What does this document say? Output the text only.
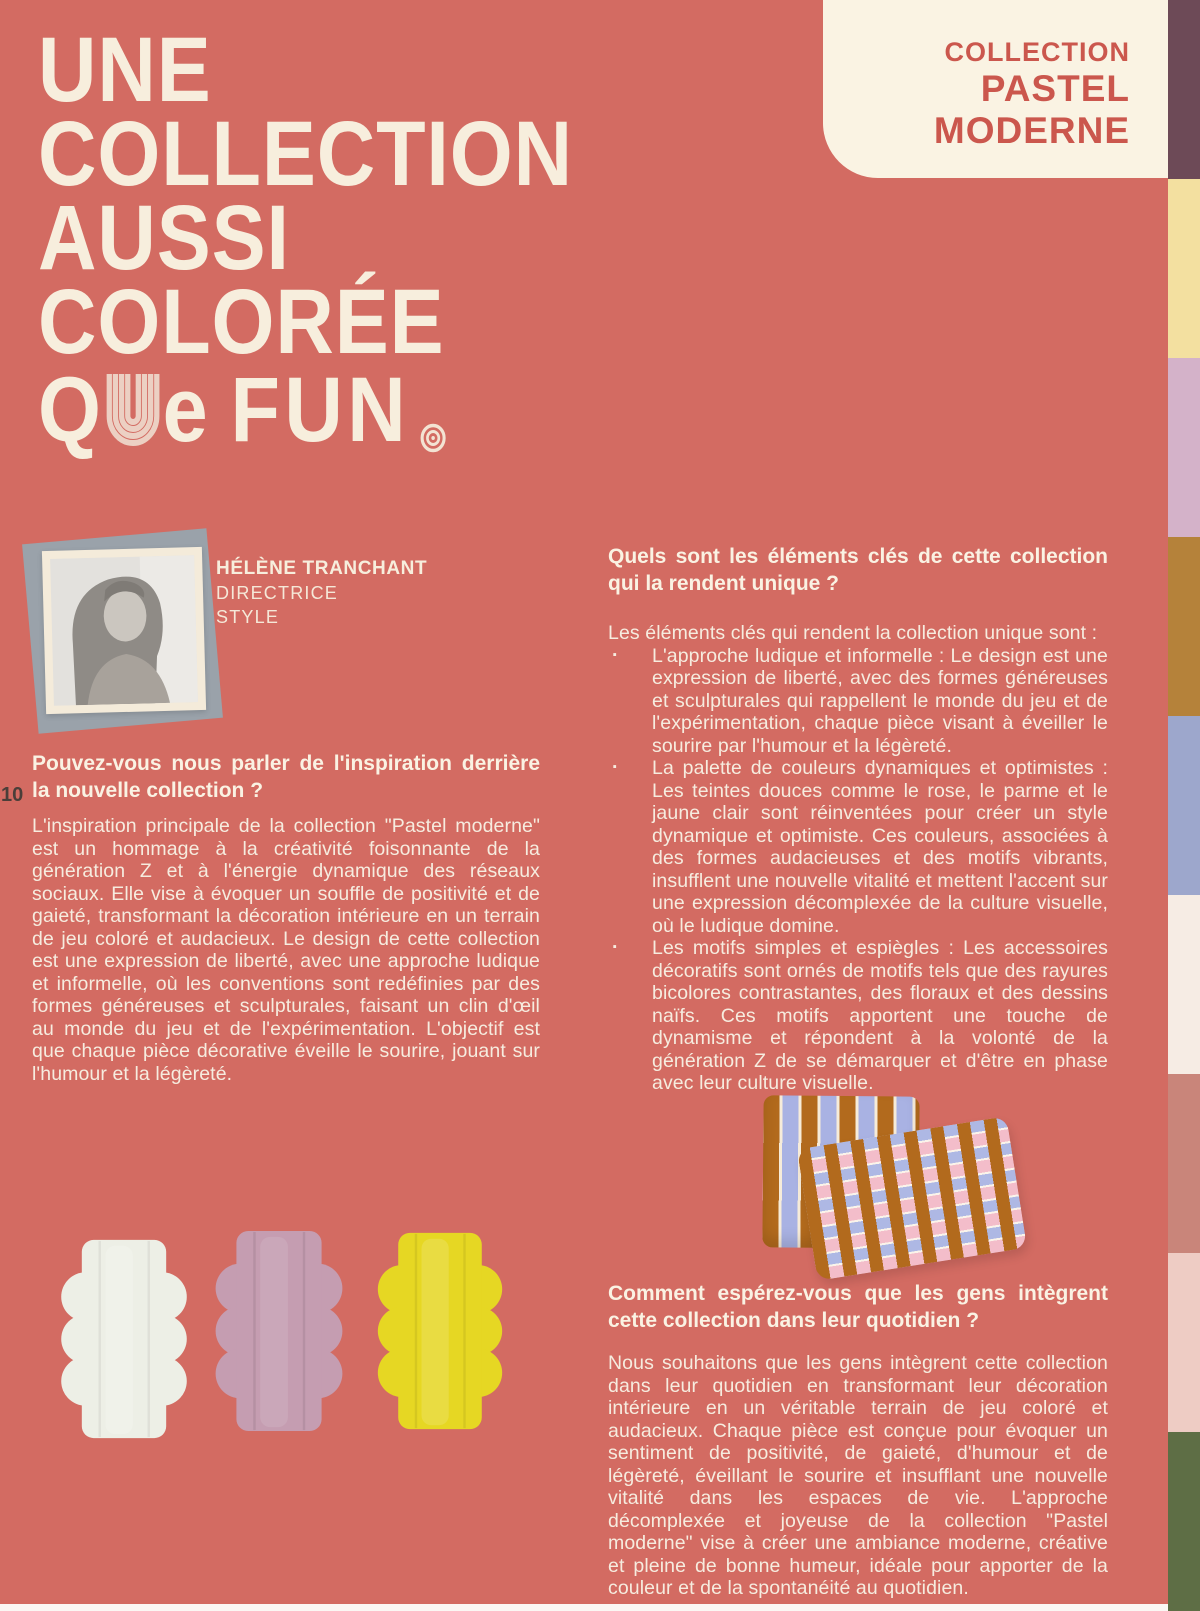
COLLECTION
PASTEL
MODERNE
UNE
COLLECTION
AUSSI
COLORÉE
Q e FUN
HÉLÈNE TRANCHANT
DIRECTRICE
STYLE
10
Pouvez-vous nous parler de l'inspiration derrière la nouvelle collection ?

L'inspiration principale de la collection "Pastel moderne" est un hommage à la créativité foisonnante de la génération Z et à l'énergie dynamique des réseaux sociaux. Elle vise à évoquer un souffle de positivité et de gaieté, transformant la décoration intérieure en un terrain de jeu coloré et audacieux. Le design de cette collection est une expression de liberté, avec une approche ludique et informelle, où les conventions sont redéfinies par des formes généreuses et sculpturales, faisant un clin d'œil au monde du jeu et de l'expérimentation. L'objectif est que chaque pièce décorative éveille le sourire, jouant sur l'humour et la légèreté.

Quels sont les éléments clés de cette collection qui la rendent unique ?
Les éléments clés qui rendent la collection unique sont :
· L'approche ludique et informelle : Le design est une expression de liberté, avec des formes généreuses et sculpturales qui rappellent le monde du jeu et de l'expérimentation, chaque pièce visant à éveiller le sourire par l'humour et la légèreté.
· La palette de couleurs dynamiques et optimistes : Les teintes douces comme le rose, le parme et le jaune clair sont réinventées pour créer un style dynamique et optimiste. Ces couleurs, associées à des formes audacieuses et des motifs vibrants, insufflent une nouvelle vitalité et mettent l'accent sur une expression décomplexée de la culture visuelle, où le ludique domine.
· Les motifs simples et espiègles : Les accessoires décoratifs sont ornés de motifs tels que des rayures bicolores contrastantes, des floraux et des dessins naïfs. Ces motifs apportent une touche de dynamisme et répondent à la volonté de la génération Z de se démarquer et d'être en phase avec leur culture visuelle.
Comment espérez-vous que les gens intègrent cette collection dans leur quotidien ?

Nous souhaitons que les gens intègrent cette collection dans leur quotidien en transformant leur décoration intérieure en un véritable terrain de jeu coloré et audacieux. Chaque pièce est conçue pour évoquer un sentiment de positivité, de gaieté, d'humour et de légèreté, éveillant le sourire et insufflant une nouvelle vitalité dans les espaces de vie. L'approche décomplexée et joyeuse de la collection "Pastel moderne" vise à créer une ambiance moderne, créative et pleine de bonne humeur, idéale pour apporter de la couleur et de la spontanéité au quotidien.
